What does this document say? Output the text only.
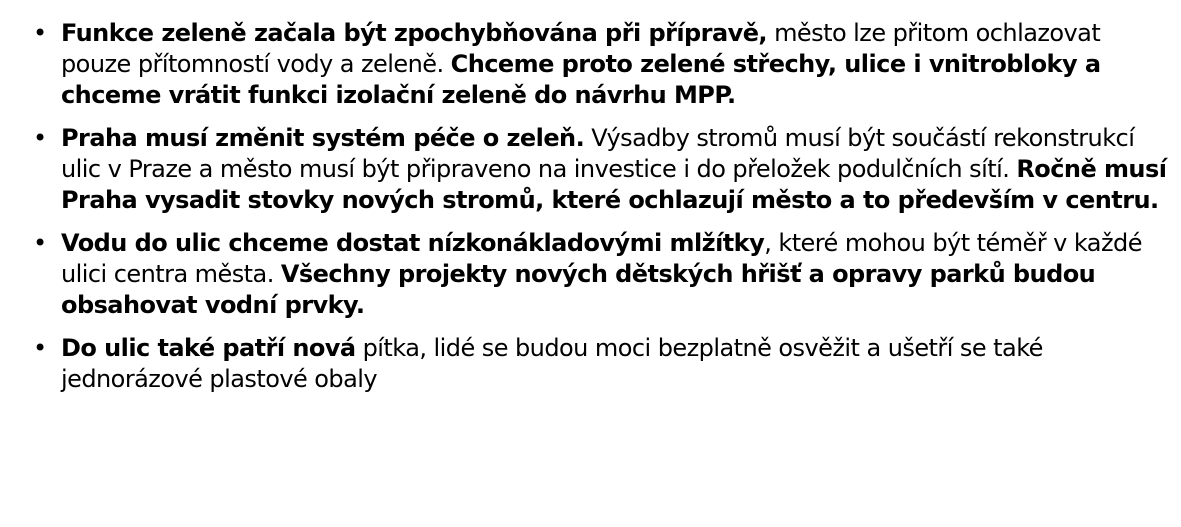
• Funkce zeleně začala být zpochybňována při přípravě, město lze přitom ochlazovat pouze přítomností vody a zeleně. Chceme proto zelené střechy, ulice i vnitrobloky a chceme vrátit funkci izolační zeleně do návrhu MPP.
• Praha musí změnit systém péče o zeleň. Výsadby stromů musí být součástí rekonstrukcí ulic v Praze a město musí být připraveno na investice i do přeložek podulčních sítí. Ročně musí Praha vysadit stovky nových stromů, které ochlazují město a to především v centru.
• Vodu do ulic chceme dostat nízkonákladovými mlžítky, které mohou být téměř v každé ulici centra města. Všechny projekty nových dětských hřišť a opravy parků budou obsahovat vodní prvky.
• Do ulic také patří nová pítka, lidé se budou moci bezplatně osvěžit a ušetří se také jednorázové plastové obaly
